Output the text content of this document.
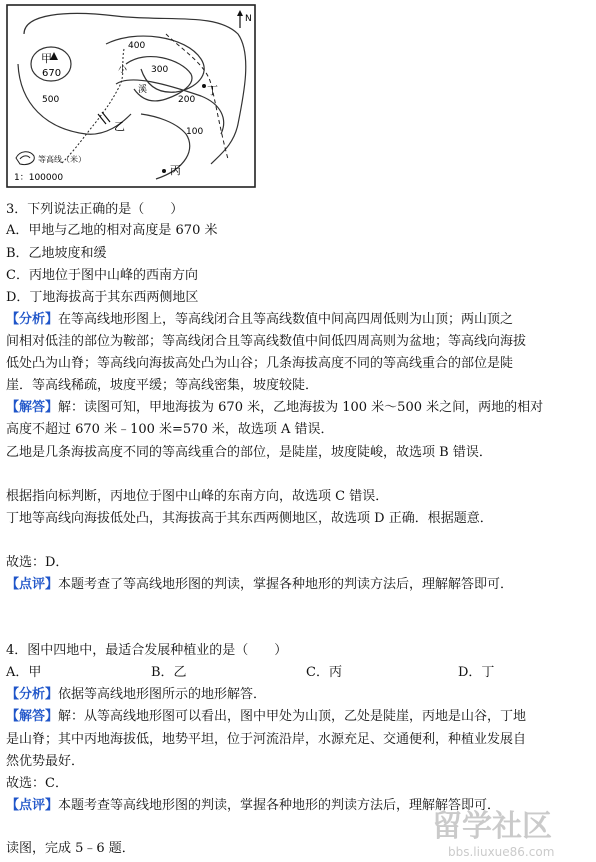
N
甲
670
乙
丙
丁
小
溪
400
300
200
500
100
等高线（米）
1：100000
3．下列说法正确的是（　　）
A．甲地与乙地的相对高度是 670 米
B．乙地坡度和缓
C．丙地位于图中山峰的西南方向
D．丁地海拔高于其东西两侧地区
【分析】在等高线地形图上，等高线闭合且等高线数值中间高四周低则为山顶；两山顶之
间相对低洼的部位为鞍部；等高线闭合且等高线数值中间低四周高则为盆地；等高线向海拔
低处凸为山脊；等高线向海拔高处凸为山谷；几条海拔高度不同的等高线重合的部位是陡
崖．等高线稀疏，坡度平缓；等高线密集，坡度较陡．
【解答】解：读图可知，甲地海拔为 670 米，乙地海拔为 100 米～500 米之间，两地的相对
高度不超过 670 米﹣100 米=570 米，故选项 A 错误．
乙地是几条海拔高度不同的等高线重合的部位，是陡崖，坡度陡峻，故选项 B 错误．
根据指向标判断，丙地位于图中山峰的东南方向，故选项 C 错误．
丁地等高线向海拔低处凸，其海拔高于其东西两侧地区，故选项 D 正确．根据题意．
故选：D．
【点评】本题考查了等高线地形图的判读，掌握各种地形的判读方法后，理解解答即可．
4．图中四地中，最适合发展种植业的是（　　）
A．甲	B．乙	C．丙	D．丁
【分析】依据等高线地形图所示的地形解答．
【解答】解：从等高线地形图可以看出，图中甲处为山顶，乙处是陡崖，丙地是山谷，丁地
是山脊；其中丙地海拔低，地势平坦，位于河流沿岸，水源充足、交通便利，种植业发展自
然优势最好．
故选：C．
【点评】本题考查等高线地形图的判读，掌握各种地形的判读方法后，理解解答即可．
读图，完成 5﹣6 题．
留学社区
bbs.liuxue86.com
